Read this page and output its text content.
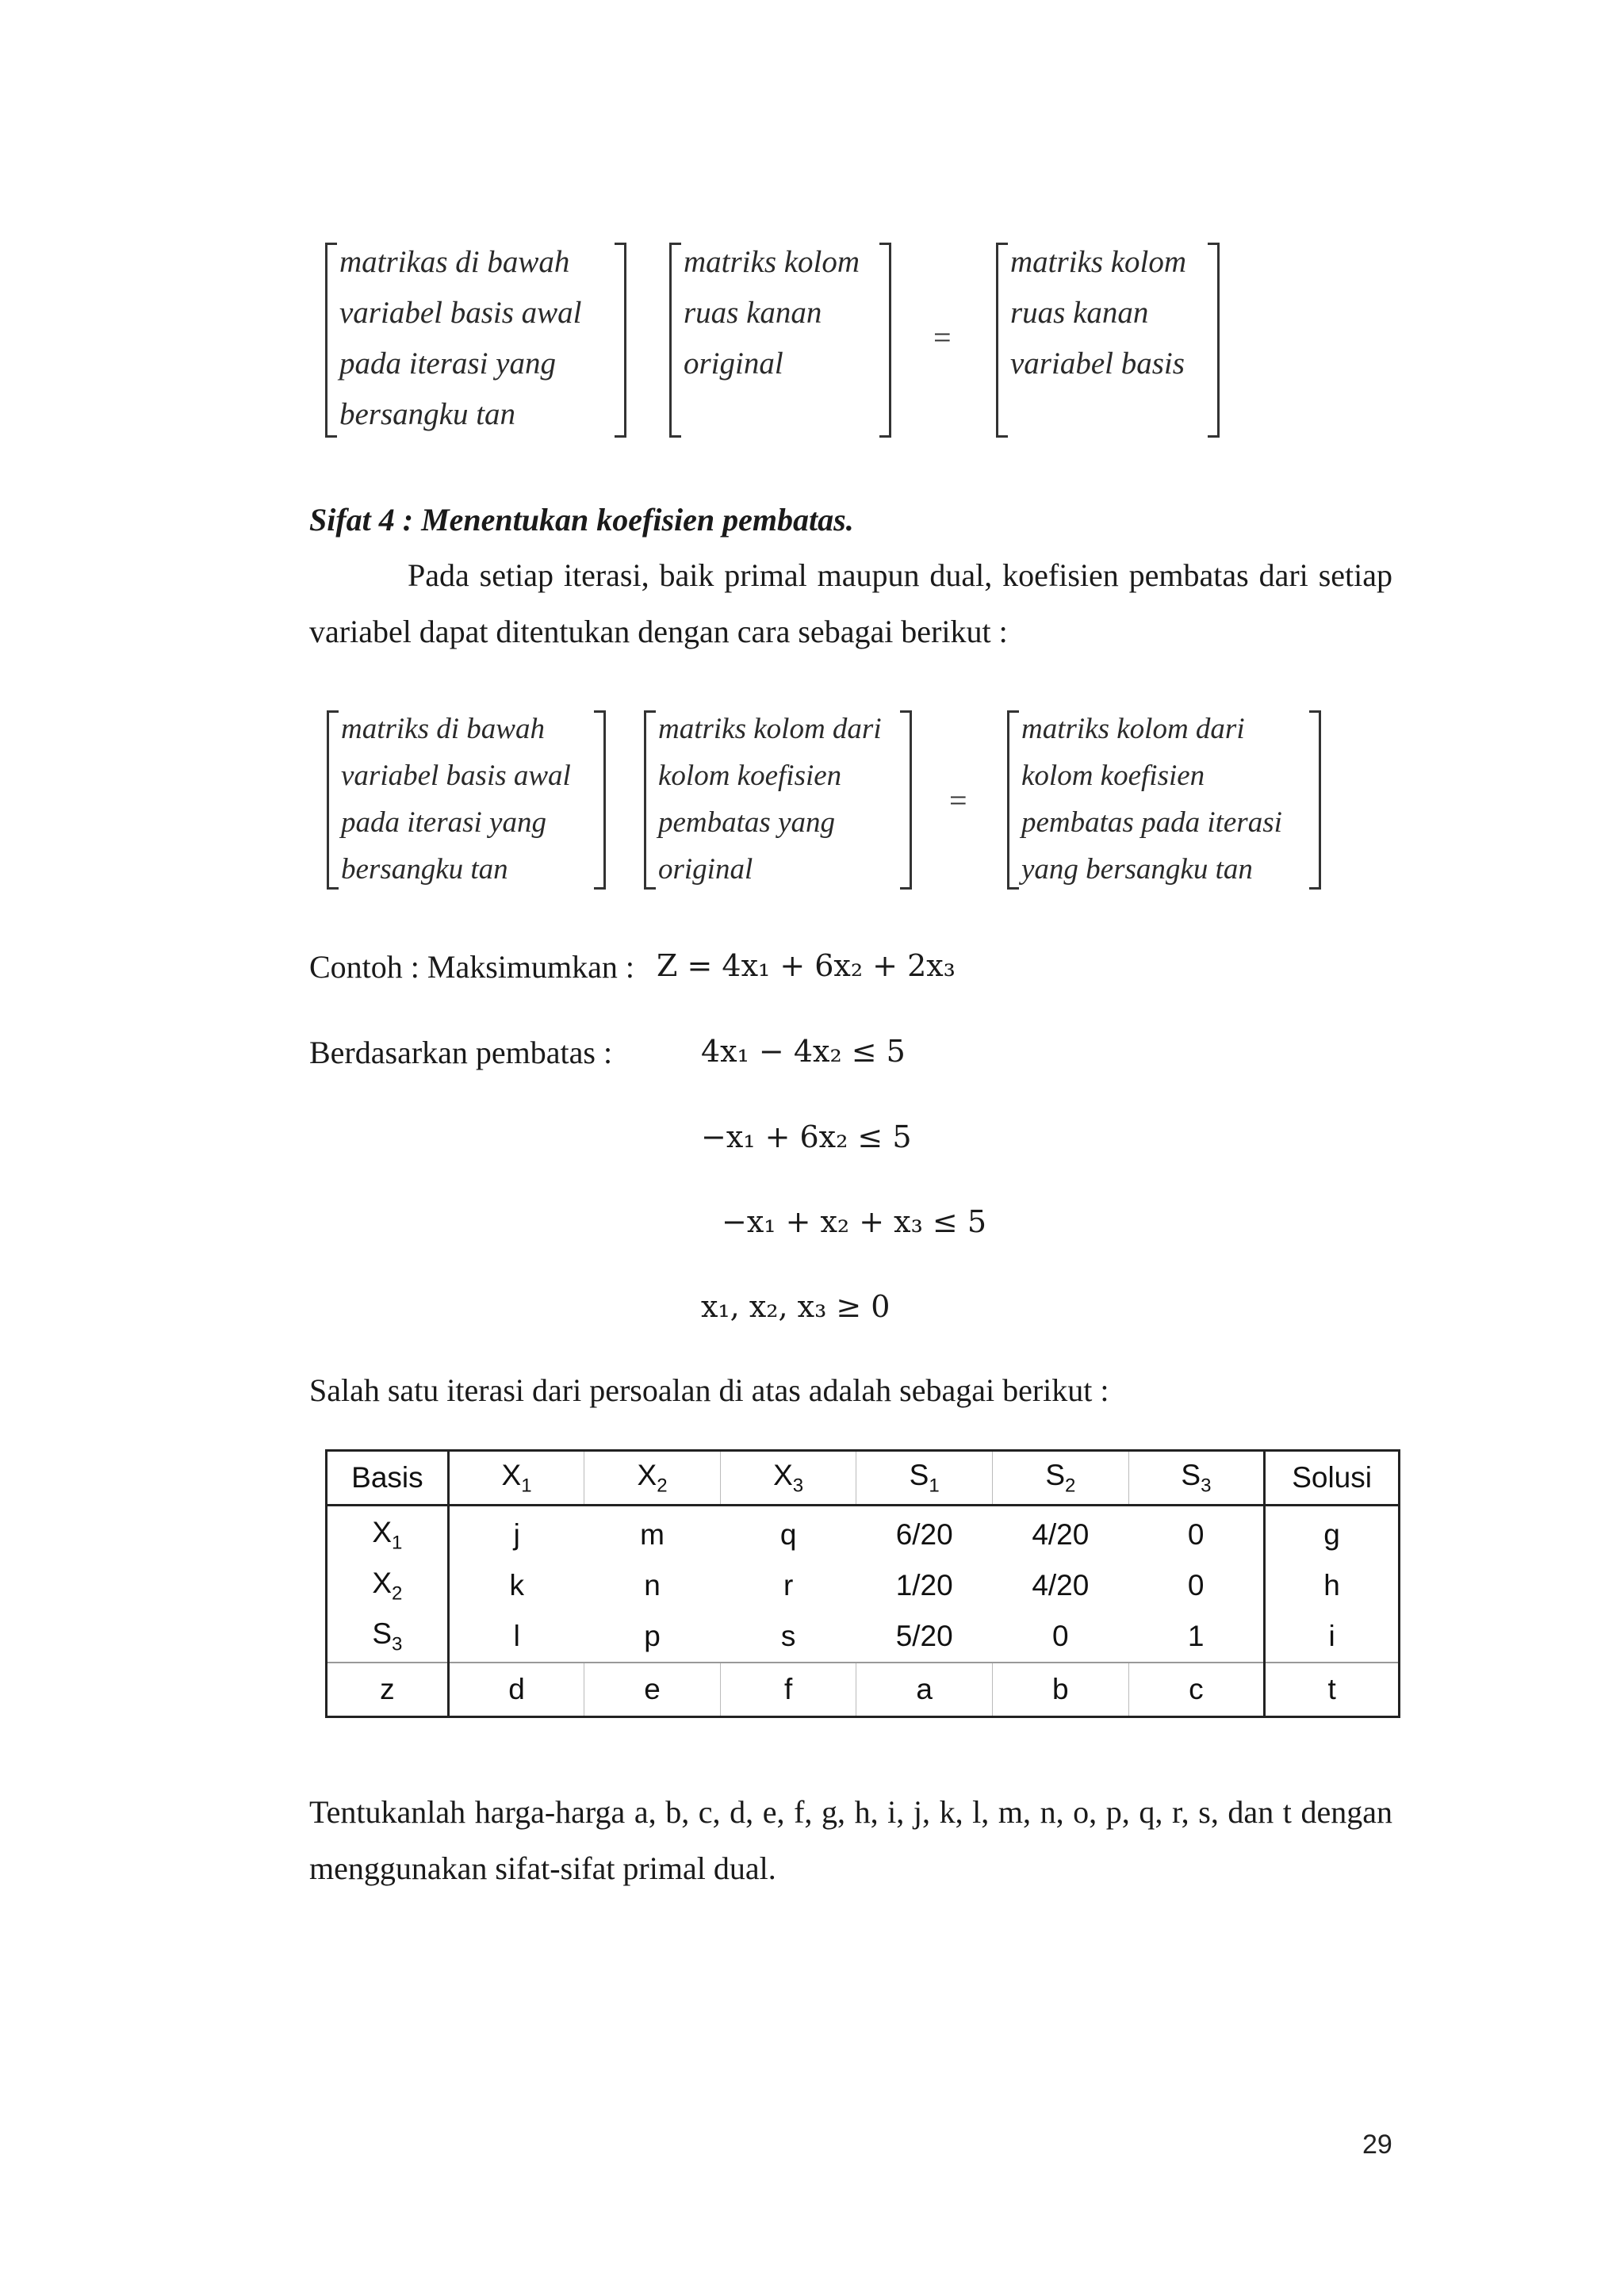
matrikas di bawah
variabel basis awal
pada iterasi yang
bersangku tan
matriks kolom
ruas kanan
original
=
matriks kolom
ruas kanan
variabel basis
Sifat 4 : Menentukan koefisien pembatas.
Pada setiap iterasi, baik primal maupun dual, koefisien pembatas dari setiap variabel dapat ditentukan dengan cara sebagai berikut :
matriks di bawah
variabel basis awal
pada iterasi yang
bersangku tan
matriks kolom dari
kolom koefisien
pembatas yang
original
=
matriks kolom dari
kolom koefisien
pembatas pada iterasi
yang bersangku tan
Contoh : Maksimumkan : Z = 4x₁ + 6x₂ + 2x₃
Berdasarkan pembatas :	4x₁ − 4x₂ ≤ 5
−x₁ + 6x₂ ≤ 5
−x₁ + x₂ + x₃ ≤ 5
x₁, x₂, x₃ ≥ 0
Salah satu iterasi dari persoalan di atas adalah sebagai berikut :
Basis	$X_1$	$X_2$	$X_3$	$S_1$	$S_2$	$S_3$	Solusi
$X_1$	j	m	q	6/20	4/20	0	g
$X_2$	k	n	r	1/20	4/20	0	h
$S_3$	l	p	s	5/20	0	1	i
z	d	e	f	a	b	c	t
Tentukanlah harga-harga a, b, c, d, e, f, g, h, i, j, k, l, m, n, o, p, q, r, s, dan t dengan menggunakan sifat-sifat primal dual.
29
